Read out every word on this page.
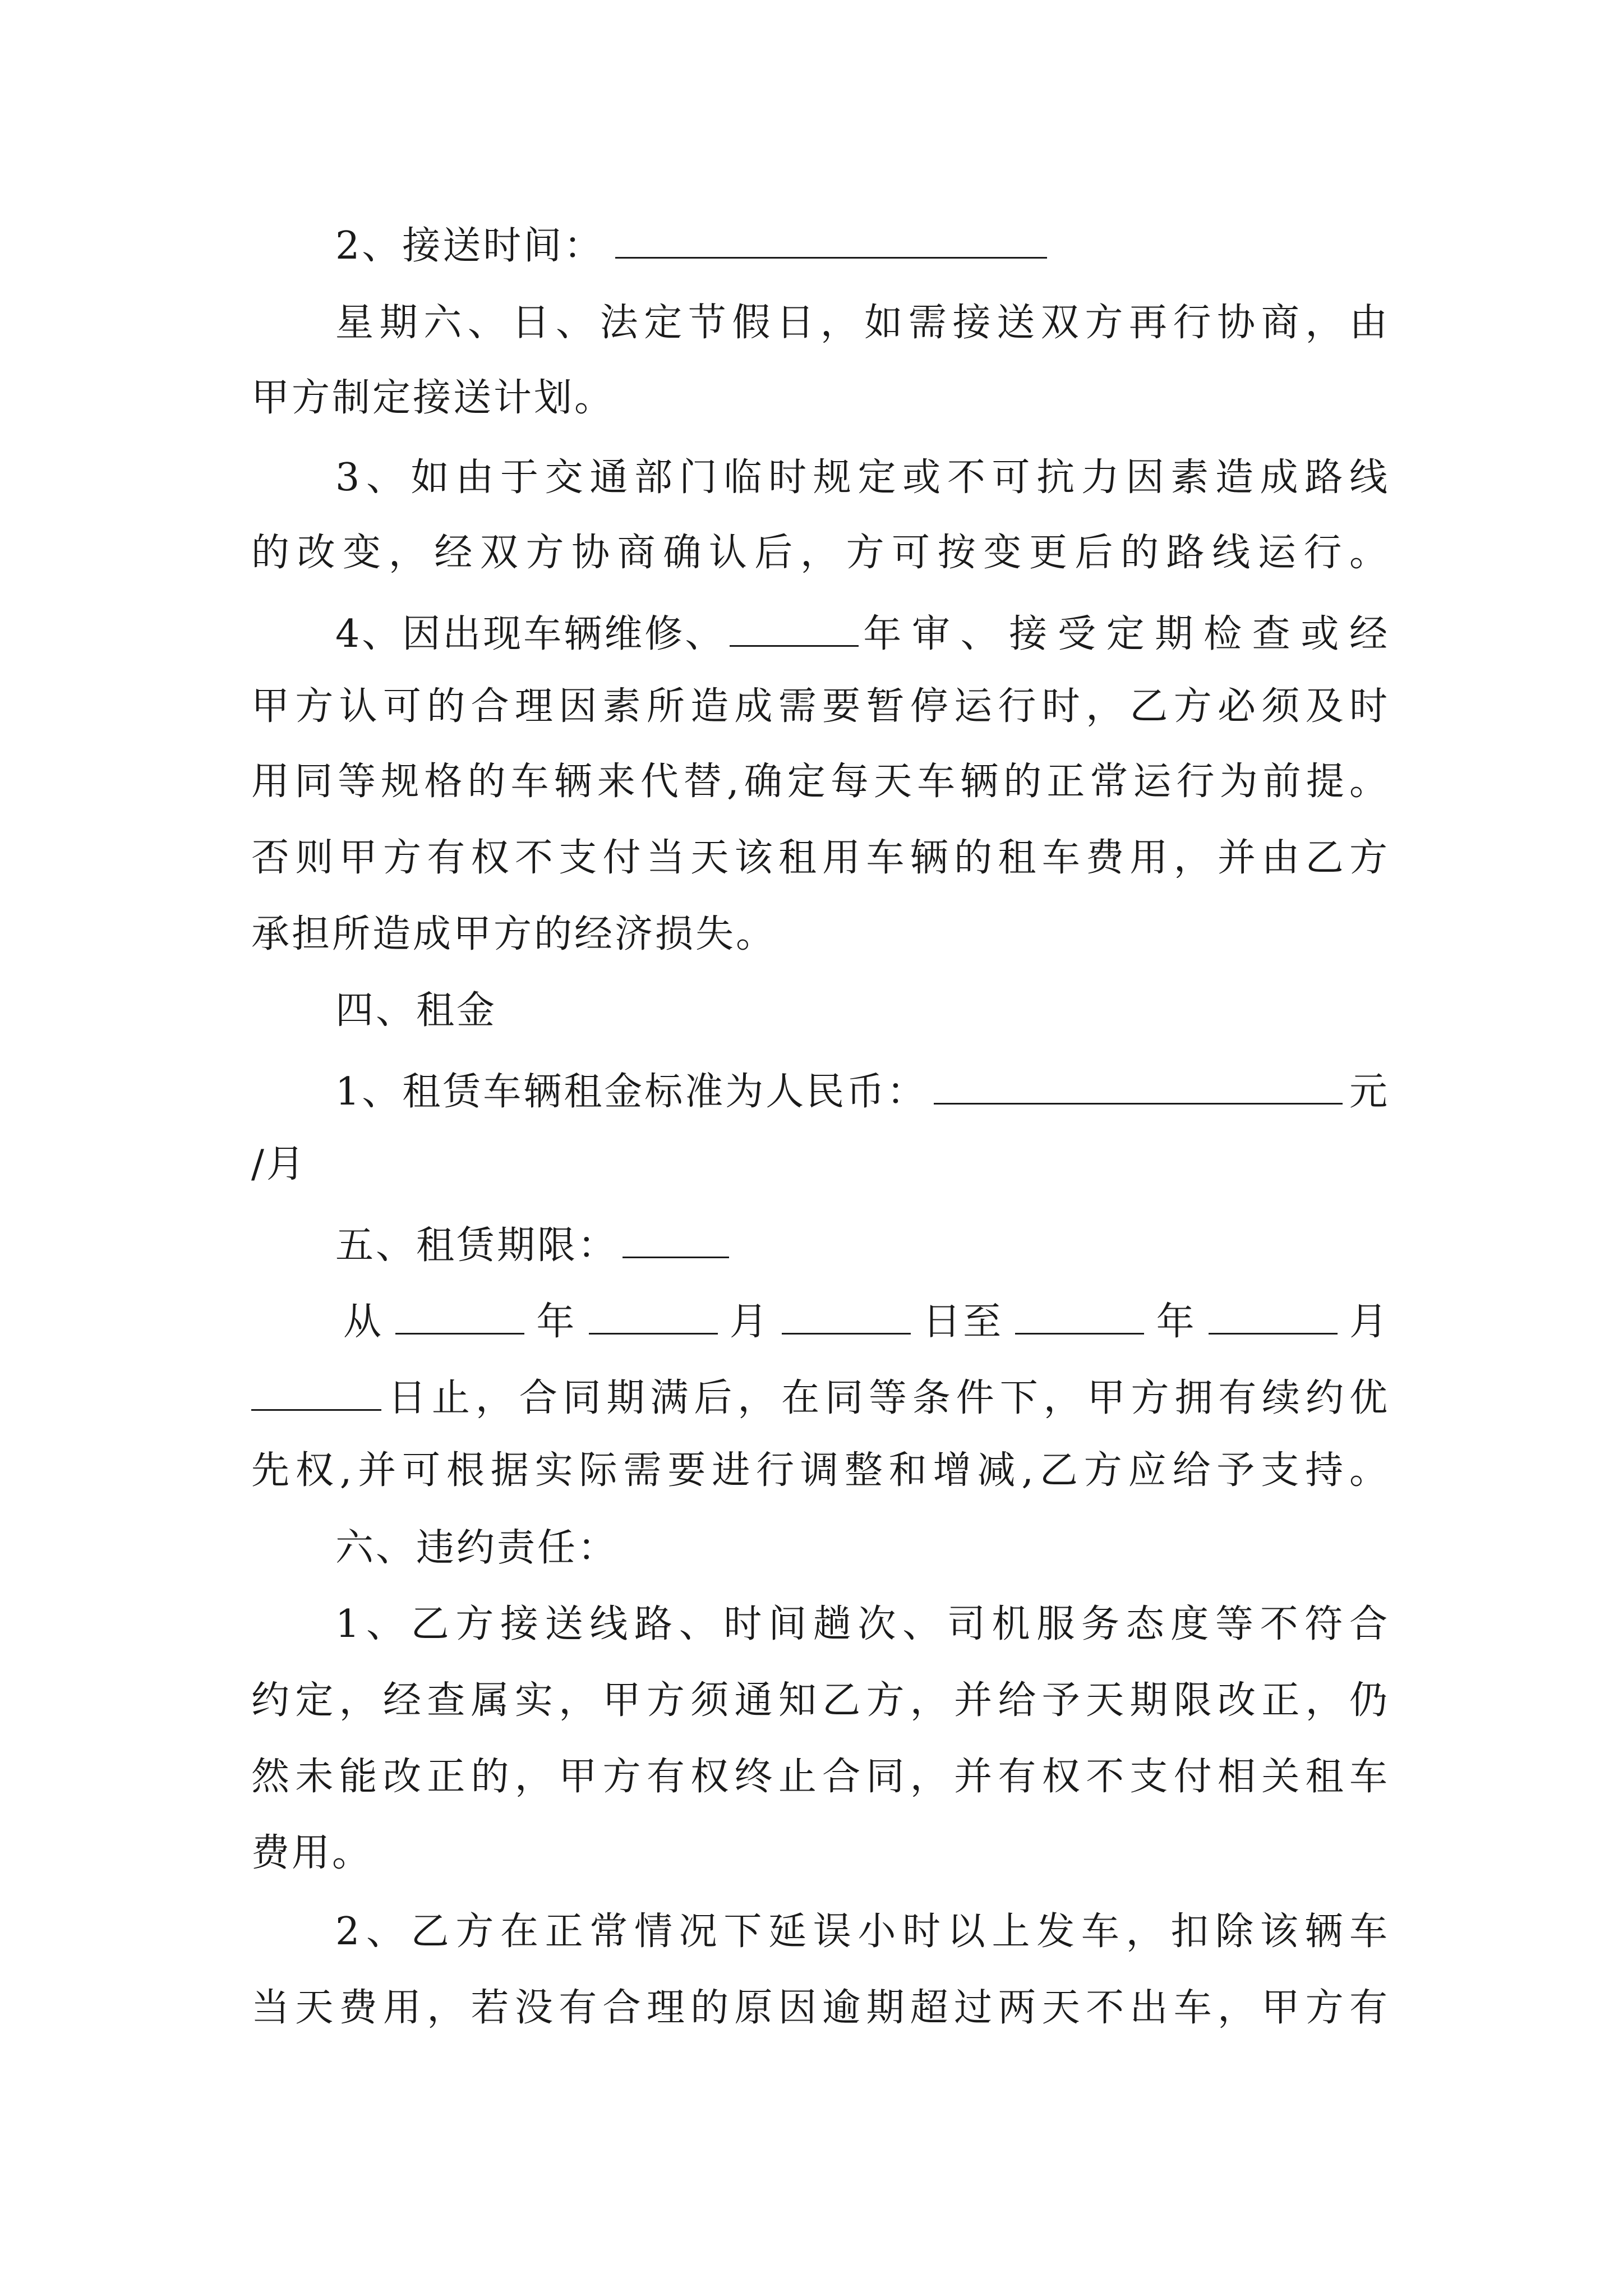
2、接送时间：
星期六、日、法定节假日，如需接送双方再行协商，由
甲方制定接送计划。
3、如由于交通部门临时规定或不可抗力因素造成路线
的改变，经双方协商确认后，方可按变更后的路线运行。
4、因出现车辆维修、	年审、接受定期检查或经
甲方认可的合理因素所造成需要暂停运行时，乙方必须及时
用同等规格的车辆来代替,确定每天车辆的正常运行为前提。
否则甲方有权不支付当天该租用车辆的租车费用，并由乙方
承担所造成甲方的经济损失。
四、租金
1、租赁车辆租金标准为人民币：	元
/月
五、租赁期限：
从	年	月	日至	年	月
日止，合同期满后，在同等条件下，甲方拥有续约优
先权,并可根据实际需要进行调整和增减,乙方应给予支持。
六、违约责任：
1、乙方接送线路、时间趟次、司机服务态度等不符合
约定，经查属实，甲方须通知乙方，并给予天期限改正，仍
然未能改正的，甲方有权终止合同，并有权不支付相关租车
费用。
2、乙方在正常情况下延误小时以上发车，扣除该辆车
当天费用，若没有合理的原因逾期超过两天不出车，甲方有
